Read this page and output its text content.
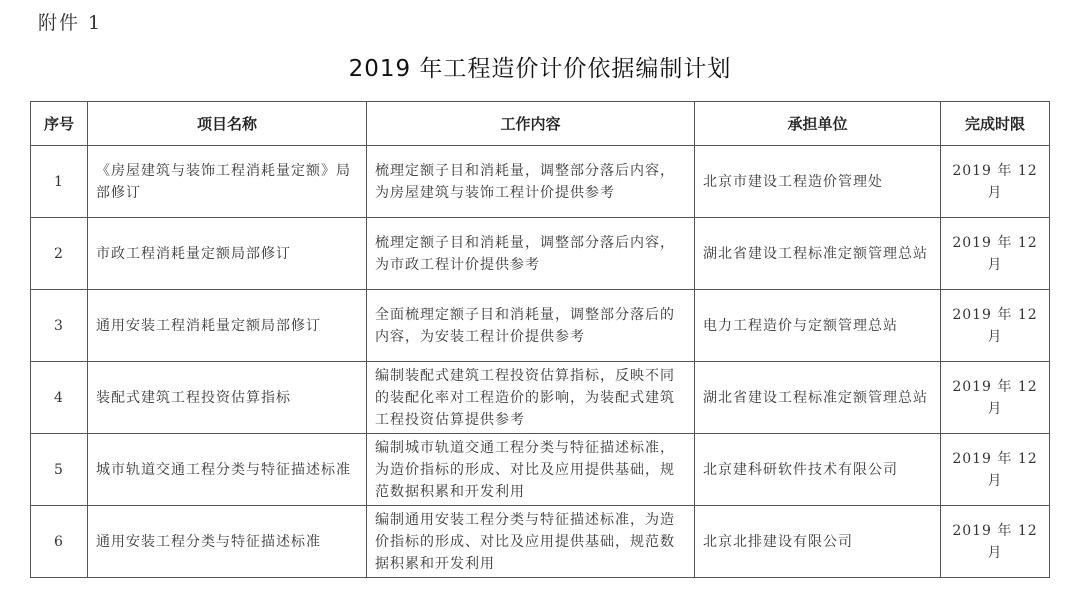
附件 1
2019 年工程造价计价依据编制计划
序号	项目名称	工作内容	承担单位	完成时限
1	《房屋建筑与装饰工程消耗量定额》局部修订	梳理定额子目和消耗量，调整部分落后内容，为房屋建筑与装饰工程计价提供参考	北京市建设工程造价管理处	2019 年 12 月
2	市政工程消耗量定额局部修订	梳理定额子目和消耗量，调整部分落后内容，为市政工程计价提供参考	湖北省建设工程标准定额管理总站	2019 年 12 月
3	通用安装工程消耗量定额局部修订	全面梳理定额子目和消耗量，调整部分落后的内容，为安装工程计价提供参考	电力工程造价与定额管理总站	2019 年 12 月
4	装配式建筑工程投资估算指标	编制装配式建筑工程投资估算指标，反映不同的装配化率对工程造价的影响，为装配式建筑工程投资估算提供参考	湖北省建设工程标准定额管理总站	2019 年 12 月
5	城市轨道交通工程分类与特征描述标准	编制城市轨道交通工程分类与特征描述标准，为造价指标的形成、对比及应用提供基础，规范数据积累和开发利用	北京建科研软件技术有限公司	2019 年 12 月
6	通用安装工程分类与特征描述标准	编制通用安装工程分类与特征描述标准，为造价指标的形成、对比及应用提供基础，规范数据积累和开发利用	北京北排建设有限公司	2019 年 12 月
